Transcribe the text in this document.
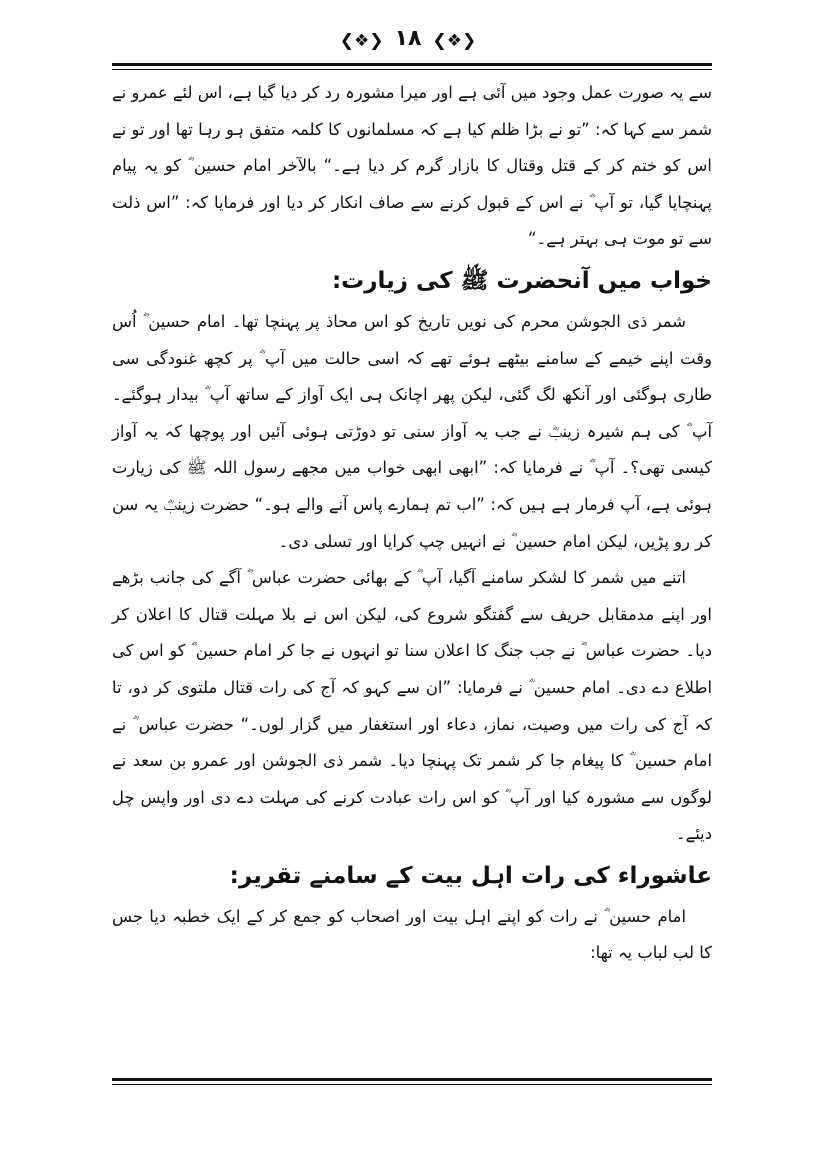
❮❖❯ ۱۸ ❮❖❯

سے یہ صورت عمل وجود میں آئی ہے اور میرا مشورہ رد کر دیا گیا ہے، اس لئے عمرو نے شمر سے کہا کہ: ”تو نے بڑا ظلم کیا ہے کہ مسلمانوں کا کلمہ متفق ہو رہا تھا اور تو نے اس کو ختم کر کے قتل وقتال کا بازار گرم کر دیا ہے۔“ بالآخر امام حسین ؓ کو یہ پیام پہنچایا گیا، تو آپ ؓ نے اس کے قبول کرنے سے صاف انکار کر دیا اور فرمایا کہ: ”اس ذلت سے تو موت ہی بہتر ہے۔“

خواب میں آنحضرت ﷺ کی زیارت:

شمر ذی الجوشن محرم کی نویں تاریخ کو اس محاذ پر پہنچا تھا۔ امام حسین ؓ اُس وقت اپنے خیمے کے سامنے بیٹھے ہوئے تھے کہ اسی حالت میں آپ ؓ پر کچھ غنودگی سی طاری ہوگئی اور آنکھ لگ گئی، لیکن پھر اچانک ہی ایک آواز کے ساتھ آپ ؓ بیدار ہوگئے۔ آپ ؓ کی ہم شیرہ زینبؓ نے جب یہ آواز سنی تو دوڑتی ہوئی آئیں اور پوچھا کہ یہ آواز کیسی تھی؟۔ آپ ؓ نے فرمایا کہ: ”ابھی ابھی خواب میں مجھے رسول اللہ ﷺ کی زیارت ہوئی ہے، آپ فرمار ہے ہیں کہ: ”اب تم ہمارے پاس آنے والے ہو۔“ حضرت زینبؓ یہ سن کر رو پڑیں، لیکن امام حسین ؓ نے انہیں چپ کرایا اور تسلی دی۔

اتنے میں شمر کا لشکر سامنے آگیا، آپ ؓ کے بھائی حضرت عباس ؓ آگے کی جانب بڑھے اور اپنے مدمقابل حریف سے گفتگو شروع کی، لیکن اس نے بلا مہلت قتال کا اعلان کر دیا۔ حضرت عباس ؓ نے جب جنگ کا اعلان سنا تو انہوں نے جا کر امام حسین ؓ کو اس کی اطلاع دے دی۔ امام حسین ؓ نے فرمایا: ”ان سے کہو کہ آج کی رات قتال ملتوی کر دو، تا کہ آج کی رات میں وصیت، نماز، دعاء اور استغفار میں گزار لوں۔“ حضرت عباس ؓ نے امام حسین ؓ کا پیغام جا کر شمر تک پہنچا دیا۔ شمر ذی الجوشن اور عمرو بن سعد نے لوگوں سے مشورہ کیا اور آپ ؓ کو اس رات عبادت کرنے کی مہلت دے دی اور واپس چل دیئے۔

عاشوراء کی رات اہل بیت کے سامنے تقریر:

امام حسین ؓ نے رات کو اپنے اہل بیت اور اصحاب کو جمع کر کے ایک خطبہ دیا جس کا لب لباب یہ تھا:
